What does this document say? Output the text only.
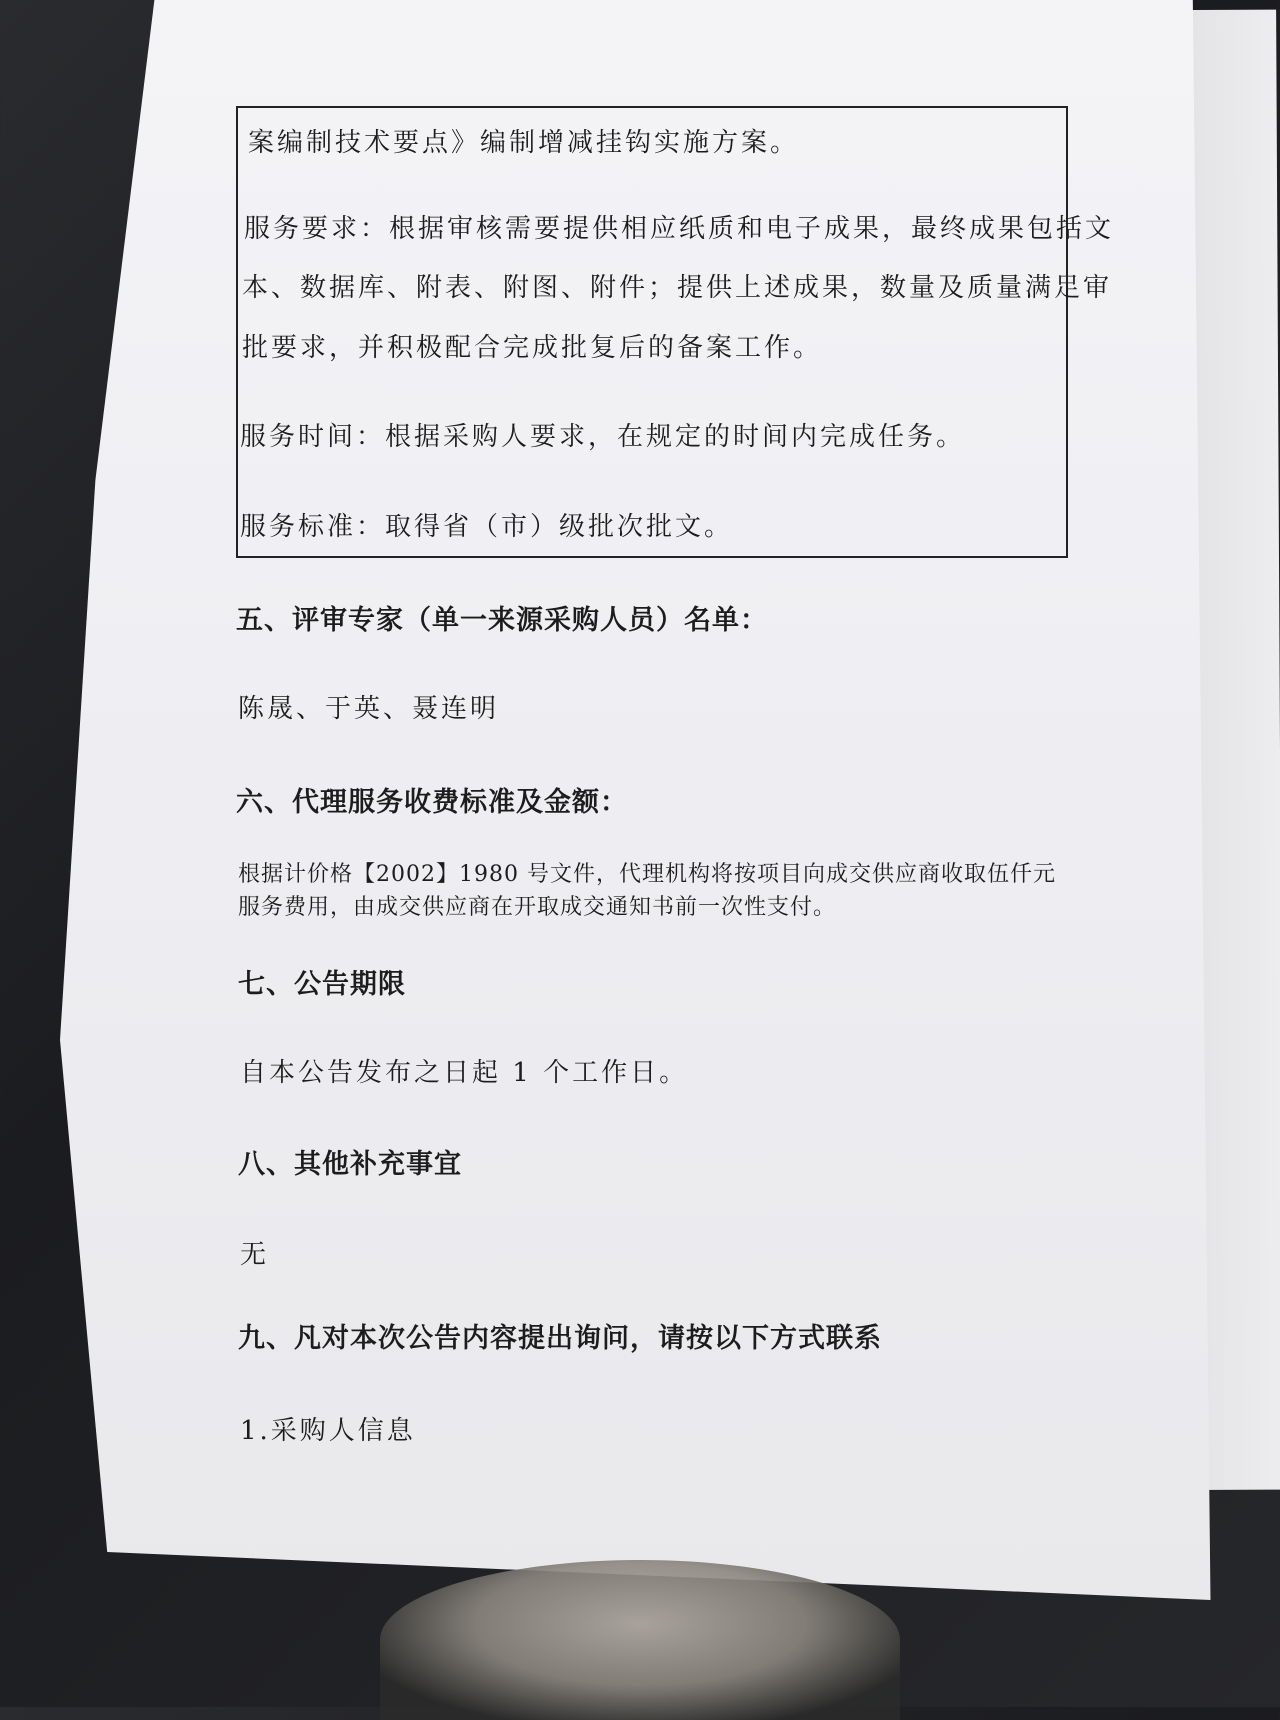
案编制技术要点》编制增减挂钩实施方案。
服务要求：根据审核需要提供相应纸质和电子成果，最终成果包括文
本、数据库、附表、附图、附件；提供上述成果，数量及质量满足审
批要求，并积极配合完成批复后的备案工作。
服务时间：根据采购人要求，在规定的时间内完成任务。
服务标准：取得省（市）级批次批文。
五、评审专家（单一来源采购人员）名单：
陈晟、于英、聂连明
六、代理服务收费标准及金额：
根据计价格【2002】1980 号文件，代理机构将按项目向成交供应商收取伍仟元
服务费用，由成交供应商在开取成交通知书前一次性支付。
七、公告期限
自本公告发布之日起 1 个工作日。
八、其他补充事宜
无
九、凡对本次公告内容提出询问，请按以下方式联系
1.采购人信息
